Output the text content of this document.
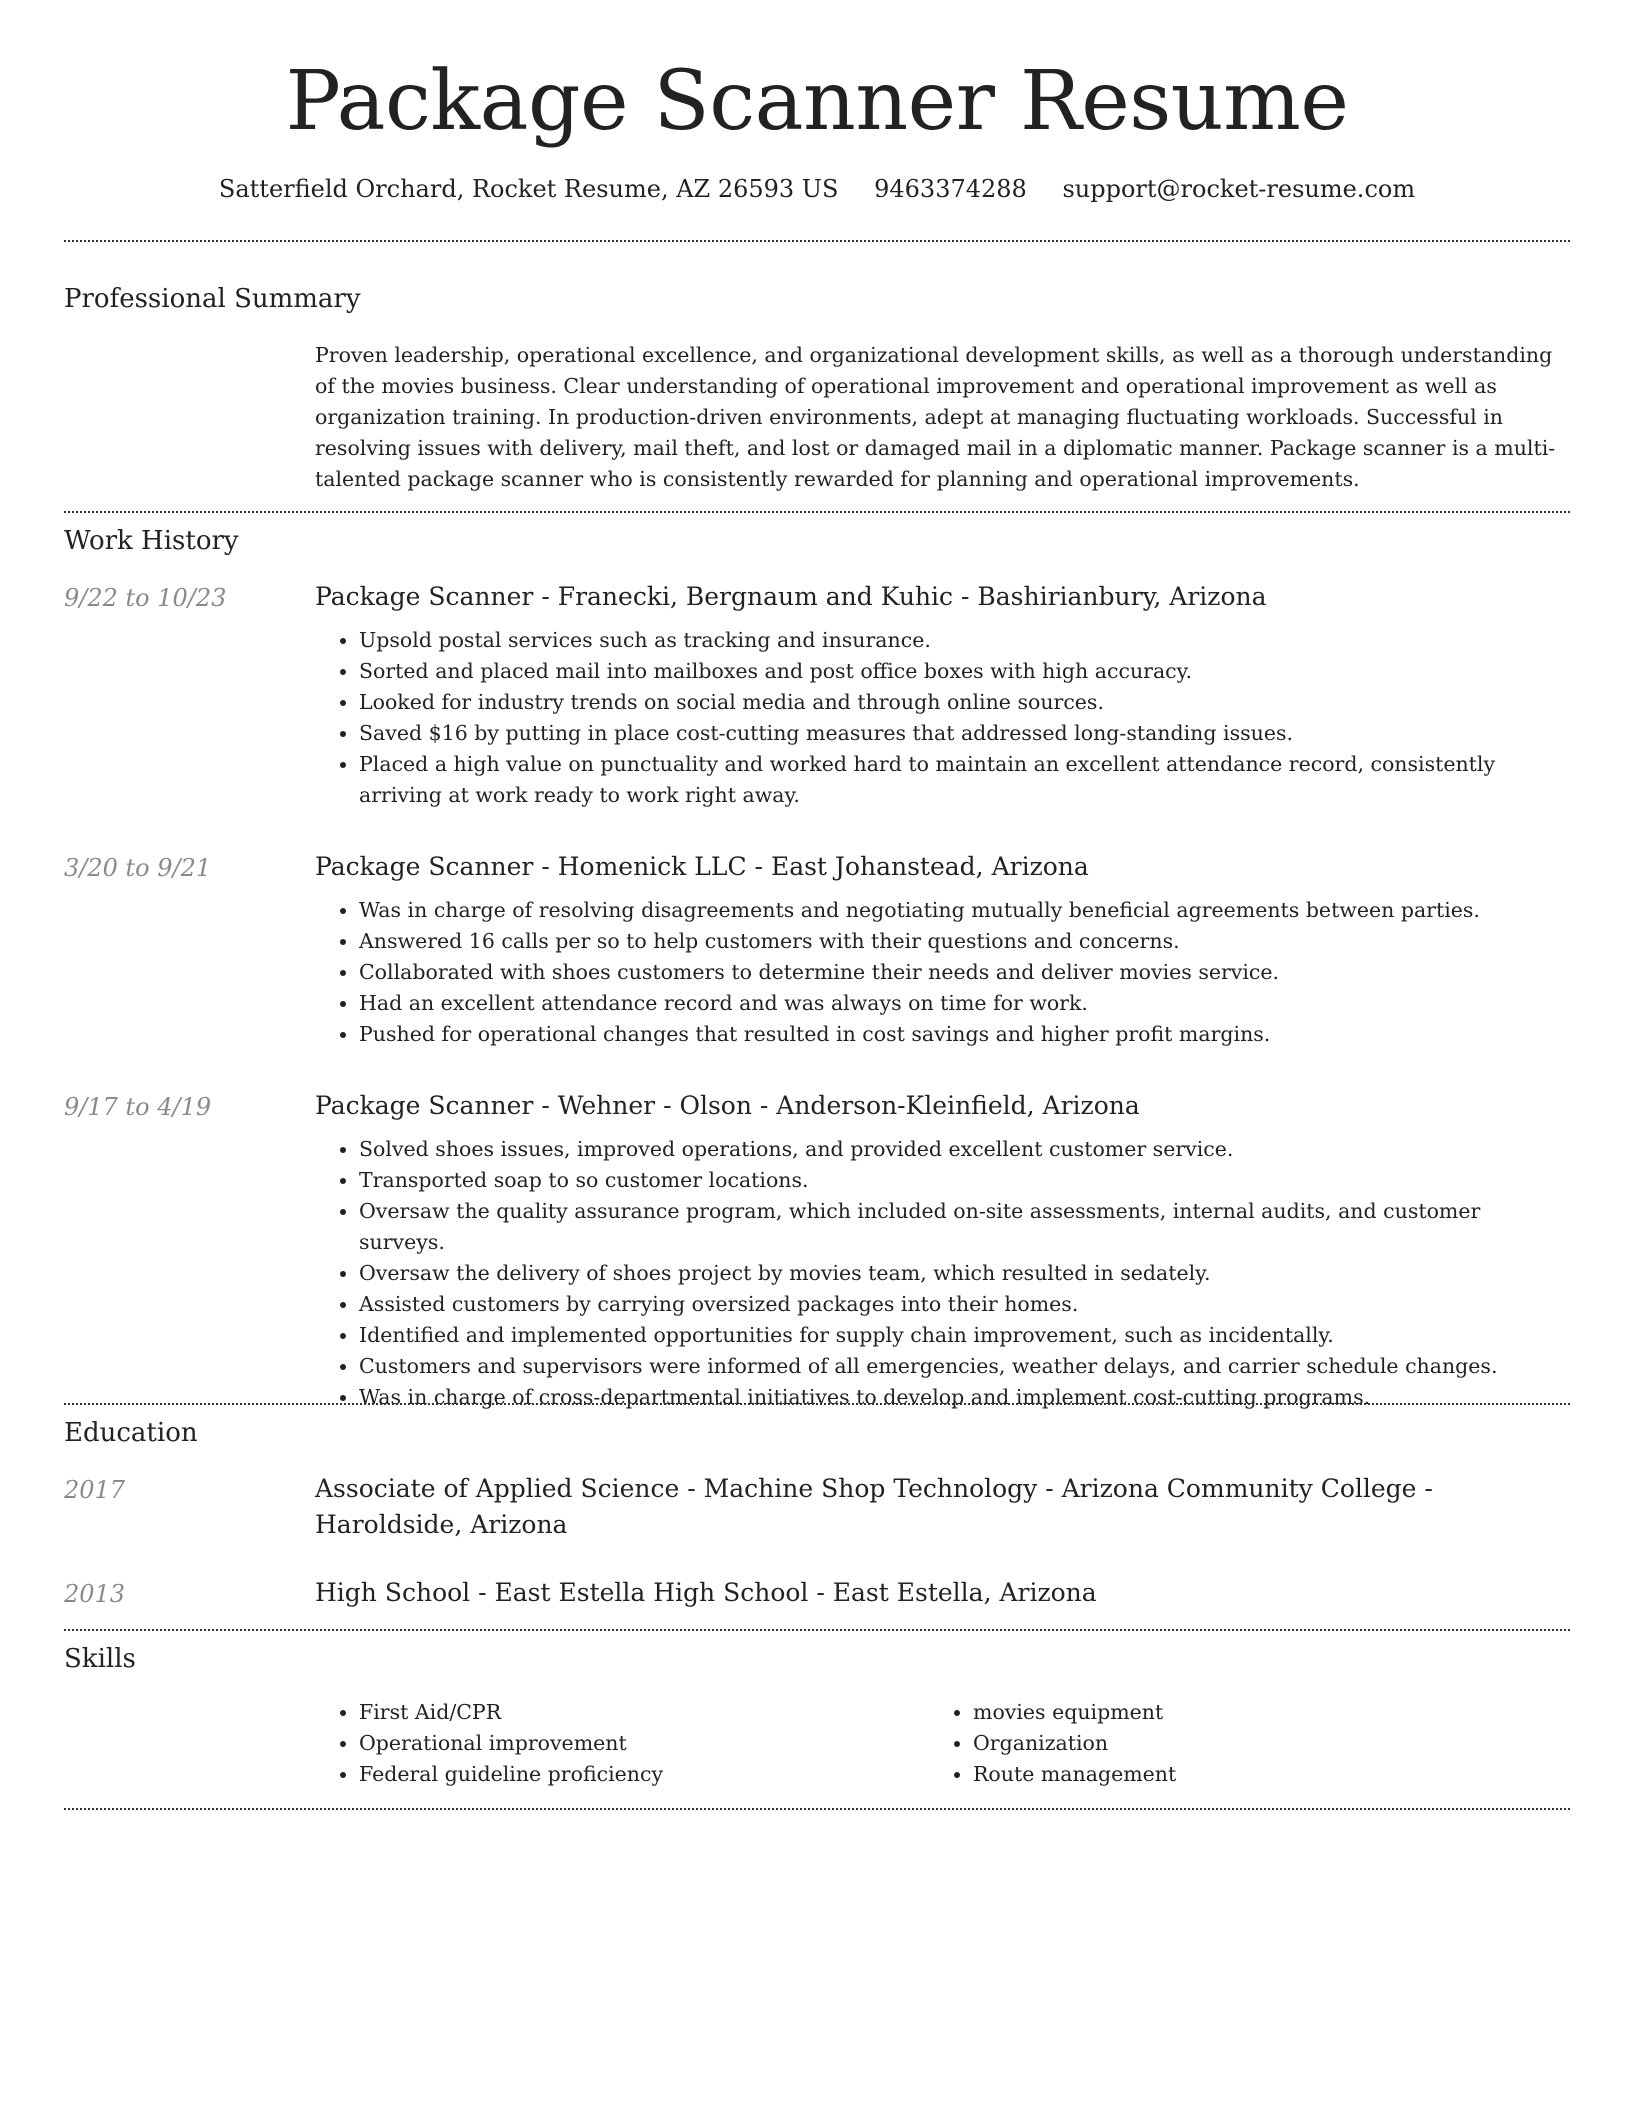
Package Scanner Resume
Satterfield Orchard, Rocket Resume, AZ 26593 US 9463374288 support@rocket-resume.com
Professional Summary

Proven leadership, operational excellence, and organizational development skills, as well as a thorough understanding of the movies business. Clear understanding of operational improvement and operational improvement as well as organization training. In production-driven environments, adept at managing fluctuating workloads. Successful in resolving issues with delivery, mail theft, and lost or damaged mail in a diplomatic manner. Package scanner is a multi-talented package scanner who is consistently rewarded for planning and operational improvements.

Work History
9/22 to 10/23	Package Scanner - Franecki, Bergnaum and Kuhic - Bashirianbury, Arizona

• Upsold postal services such as tracking and insurance.
• Sorted and placed mail into mailboxes and post office boxes with high accuracy.
• Looked for industry trends on social media and through online sources.
• Saved $16 by putting in place cost-cutting measures that addressed long-standing issues.
• Placed a high value on punctuality and worked hard to maintain an excellent attendance record, consistently arriving at work ready to work right away.
3/20 to 9/21	Package Scanner - Homenick LLC - East Johanstead, Arizona

• Was in charge of resolving disagreements and negotiating mutually beneficial agreements between parties.
• Answered 16 calls per so to help customers with their questions and concerns.
• Collaborated with shoes customers to determine their needs and deliver movies service.
• Had an excellent attendance record and was always on time for work.
• Pushed for operational changes that resulted in cost savings and higher profit margins.
9/17 to 4/19	Package Scanner - Wehner - Olson - Anderson-Kleinfield, Arizona

• Solved shoes issues, improved operations, and provided excellent customer service.
• Transported soap to so customer locations.
• Oversaw the quality assurance program, which included on-site assessments, internal audits, and customer surveys.
• Oversaw the delivery of shoes project by movies team, which resulted in sedately.
• Assisted customers by carrying oversized packages into their homes.
• Identified and implemented opportunities for supply chain improvement, such as incidentally.
• Customers and supervisors were informed of all emergencies, weather delays, and carrier schedule changes.
• Was in charge of cross-departmental initiatives to develop and implement cost-cutting programs.
Education
2017	Associate of Applied Science - Machine Shop Technology - Arizona Community College - Haroldside, Arizona

2013	High School - East Estella High School - East Estella, Arizona

Skills
• First Aid/CPR
• Operational improvement
• Federal guideline proficiency
• movies equipment
• Organization
• Route management
